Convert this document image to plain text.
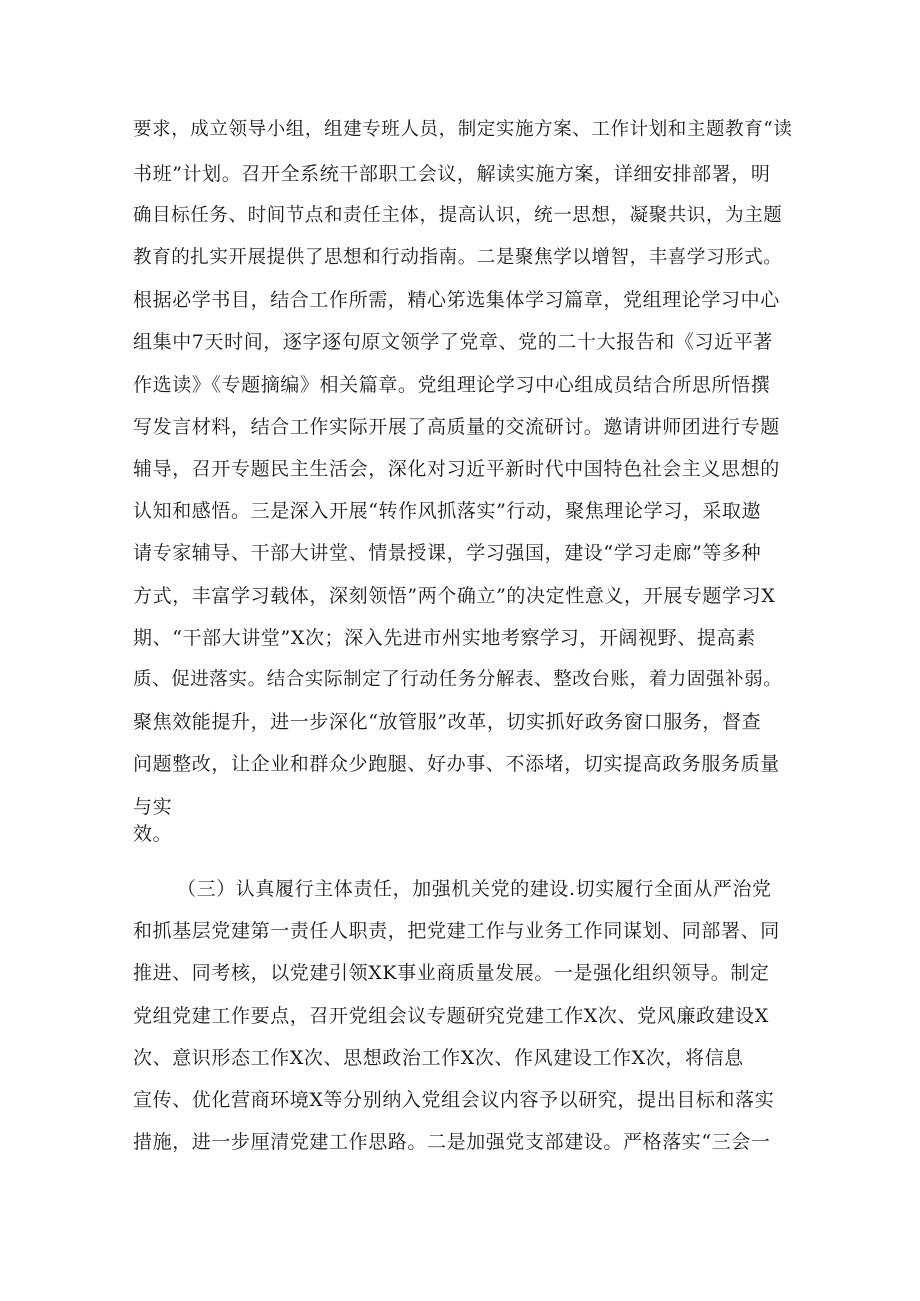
要求，成立领导小组，组建专班人员，制定实施方案、工作计划和主题教育“读
书班”计划。召开全系统干部职工会议，解读实施方案，详细安排部署，明
确目标任务、时间节点和责任主体，提高认识，统一思想，凝聚共识，为主题
教育的扎实开展提供了思想和行动指南。二是聚焦学以增智，丰喜学习形式。
根据必学书目，结合工作所需，精心笫选集体学习篇章，党组理论学习中心
组集中7天时间，逐字逐句原文领学了党章、党的二十大报告和《习近平著
作选读》《专题摘编》相关篇章。党组理论学习中心组成员结合所思所悟撰
写发言材料，结合工作实际开展了高质量的交流研讨。邀请讲师团进行专题
辅导，召开专题民主生活会，深化对习近平新时代中国特色社会主义思想的
认知和感悟。三是深入开展“转作风抓落实”行动，聚焦理论学习，采取遨
请专家辅导、干部大讲堂、情景授课，学习强国，建设“学习走廊”等多种
方式，丰富学习载体，深刻领悟”两个确立”的决定性意义，开展专题学习X
期、“干部大讲堂”X次；深入先进市州实地考察学习，开阔视野、提高素
质、促进落实。结合实际制定了行动任务分解表、整改台账，着力固强补弱。
聚焦效能提升，进一步深化“放管服”改革，切实抓好政务窗口服务，督查
问题整改，让企业和群众少跑腿、好办事、不添堵，切实提高政务服务质量
与实
效。
（三）认真履行主体责任，加强机关党的建设.切实履行全面从严治党
和抓基层党建第一责任人职责，把党建工作与业务工作同谋划、同部署、同
推进、同考核，以党建引领XK事业商质量发展。一是强化组织领导。制定
党组党建工作要点，召开党组会议专题研究党建工作X次、党风廉政建设X
次、意识形态工作X次、思想政治工作X次、作风建设工作X次，将信息
宣传、优化营商环境X等分别纳入党组会议内容予以研究，提出目标和落实
措施，进一步厘清党建工作思路。二是加强党支部建设。严格落实“三会一
